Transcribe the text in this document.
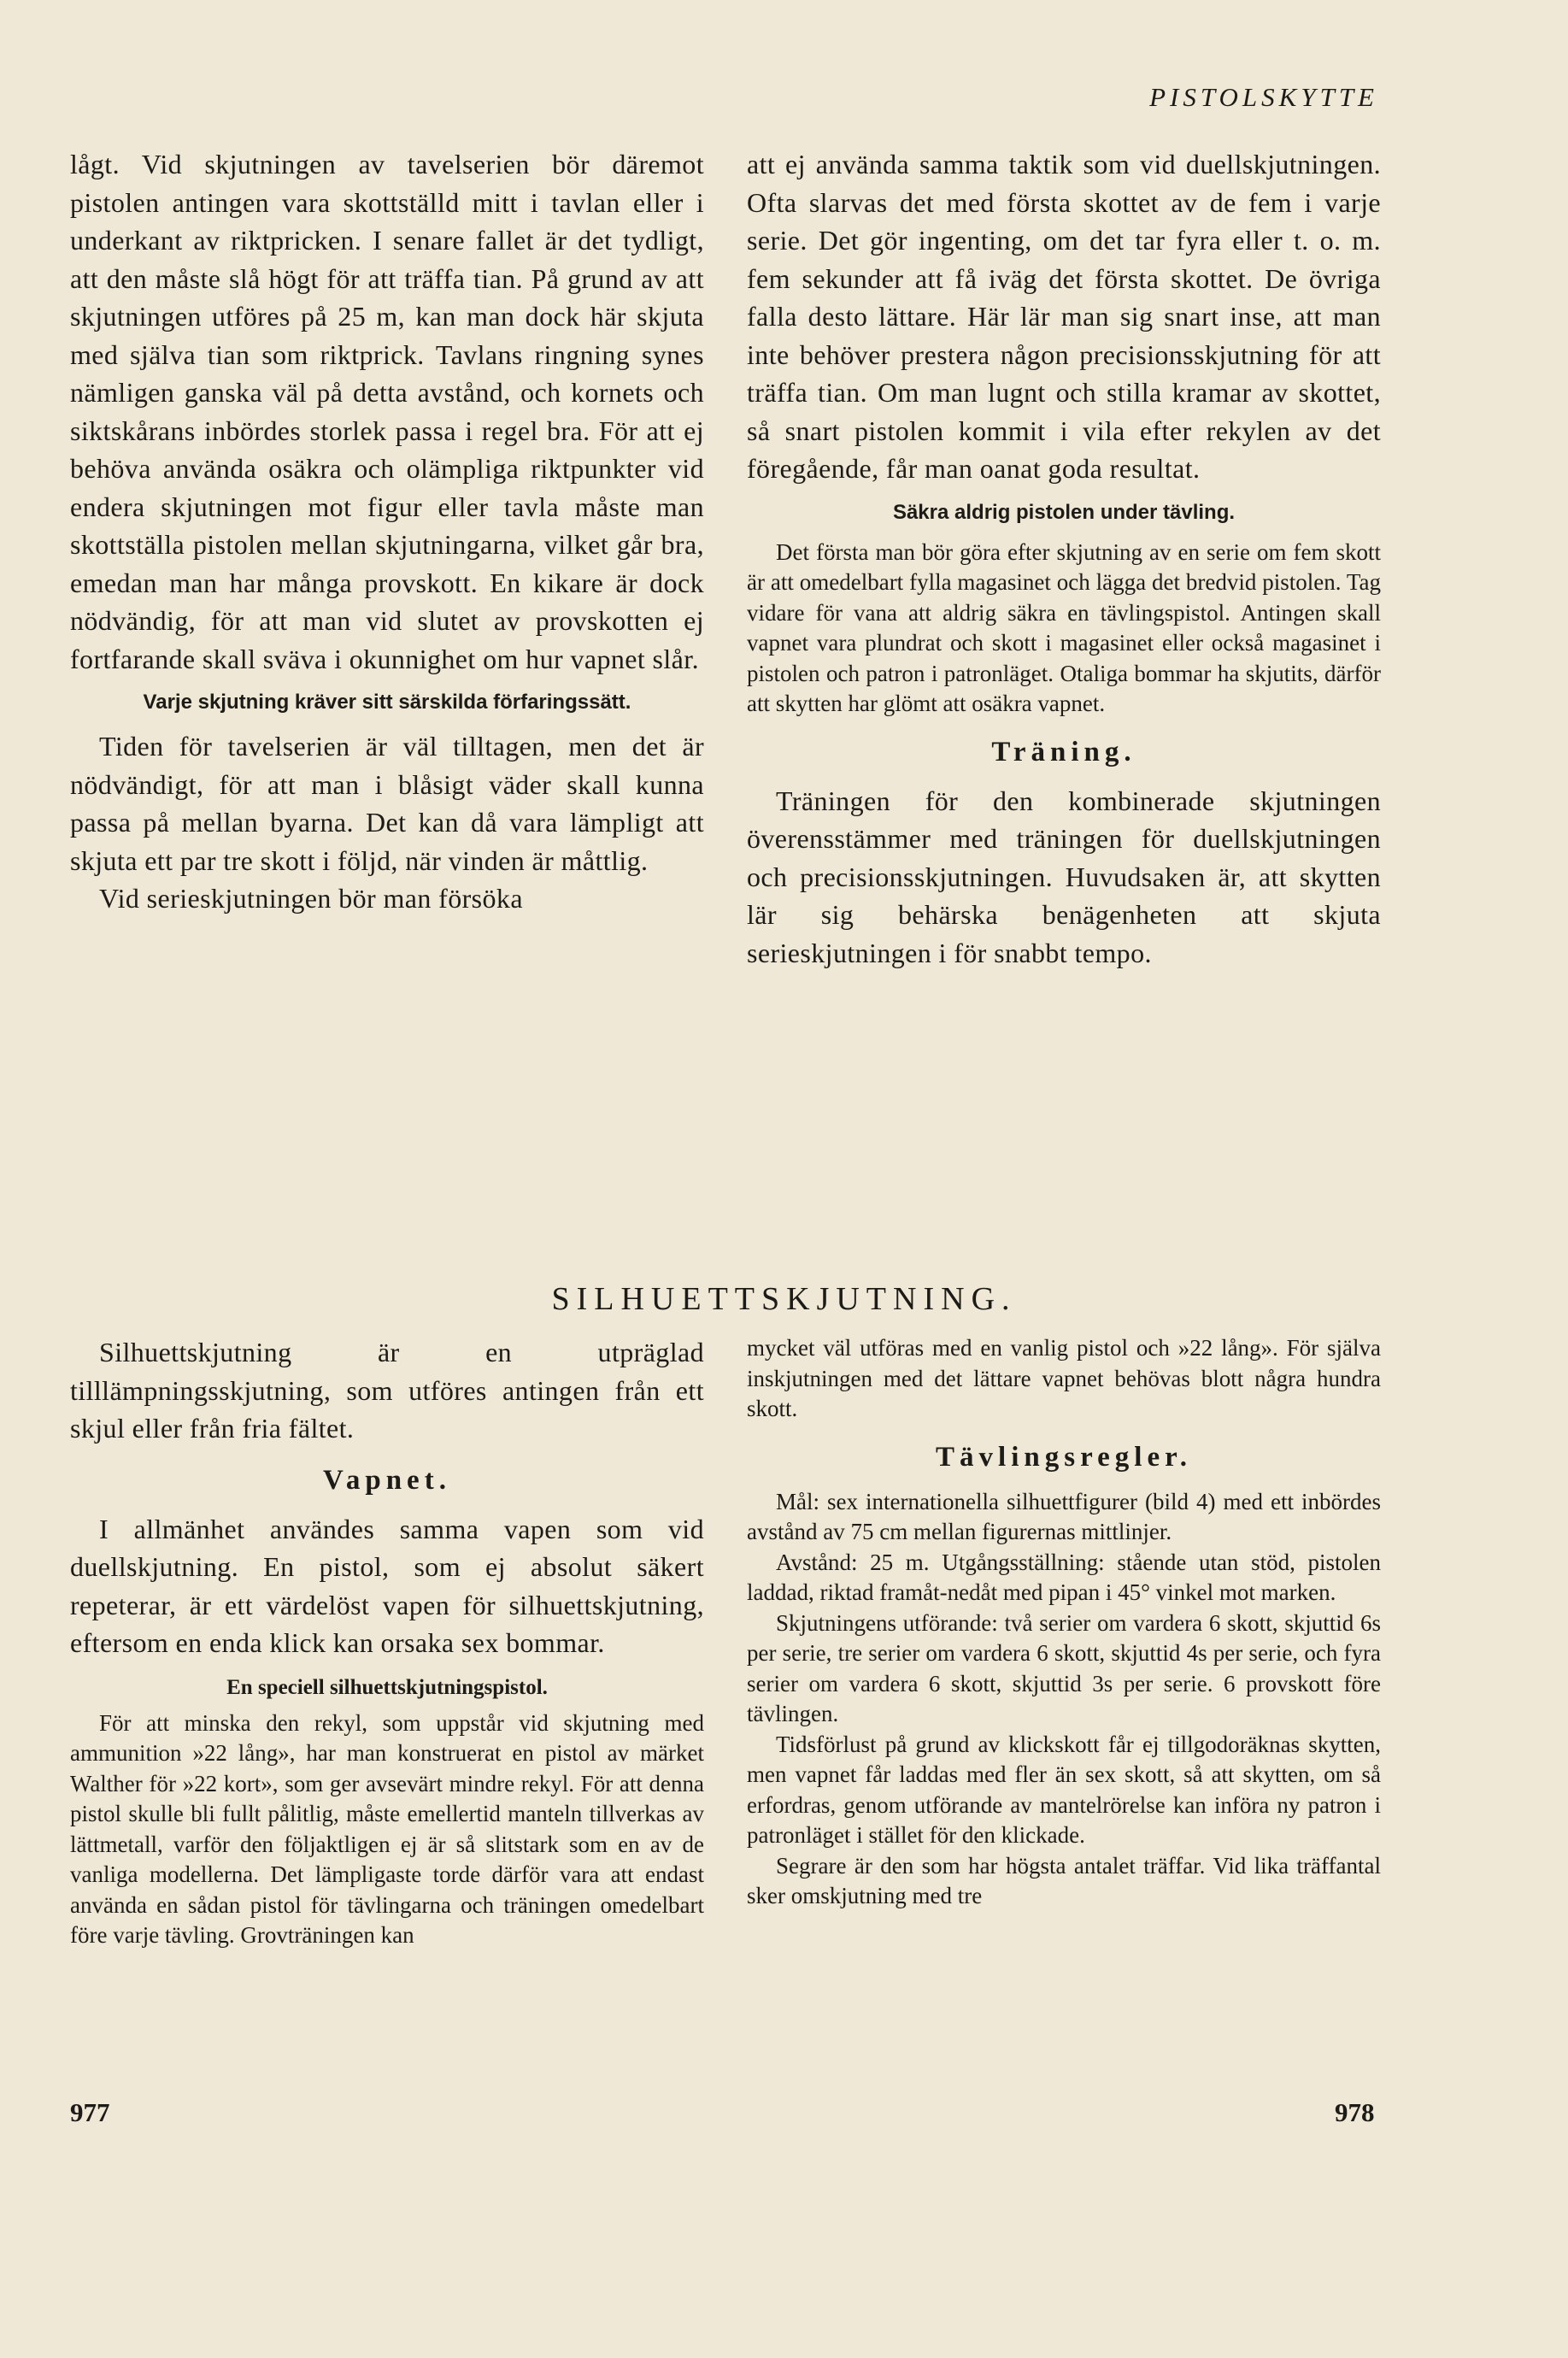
PISTOLSKYTTE

lågt. Vid skjutningen av tavelserien bör däremot pistolen antingen vara skottställd mitt i tavlan eller i underkant av riktpricken. I senare fallet är det tydligt, att den måste slå högt för att träffa tian. På grund av att skjutningen utföres på 25 m, kan man dock här skjuta med själva tian som riktprick. Tavlans ringning synes nämligen ganska väl på detta avstånd, och kornets och siktskårans inbördes storlek passa i regel bra. För att ej behöva använda osäkra och olämpliga riktpunkter vid endera skjutningen mot figur eller tavla måste man skottställa pistolen mellan skjutningarna, vilket går bra, emedan man har många provskott. En kikare är dock nödvändig, för att man vid slutet av provskotten ej fortfarande skall sväva i okunnighet om hur vapnet slår.

Varje skjutning kräver sitt särskilda förfaringssätt.

Tiden för tavelserien är väl tilltagen, men det är nödvändigt, för att man i blåsigt väder skall kunna passa på mellan byarna. Det kan då vara lämpligt att skjuta ett par tre skott i följd, när vinden är måttlig.

Vid serieskjutningen bör man försöka

att ej använda samma taktik som vid duellskjutningen. Ofta slarvas det med första skottet av de fem i varje serie. Det gör ingenting, om det tar fyra eller t. o. m. fem sekunder att få iväg det första skottet. De övriga falla desto lättare. Här lär man sig snart inse, att man inte behöver prestera någon precisionsskjutning för att träffa tian. Om man lugnt och stilla kramar av skottet, så snart pistolen kommit i vila efter rekylen av det föregående, får man oanat goda resultat.

Säkra aldrig pistolen under tävling.

Det första man bör göra efter skjutning av en serie om fem skott är att omedelbart fylla magasinet och lägga det bredvid pistolen. Tag vidare för vana att aldrig säkra en tävlingspistol. Antingen skall vapnet vara plundrat och skott i magasinet eller också magasinet i pistolen och patron i patronläget. Otaliga bommar ha skjutits, därför att skytten har glömt att osäkra vapnet.

Träning.

Träningen för den kombinerade skjutningen överensstämmer med träningen för duellskjutningen och precisionsskjutningen. Huvudsaken är, att skytten lär sig behärska benägenheten att skjuta serieskjutningen i för snabbt tempo.

SILHUETTSKJUTNING.

Silhuettskjutning är en utpräglad tilllämpningsskjutning, som utföres antingen från ett skjul eller från fria fältet.

Vapnet.

I allmänhet användes samma vapen som vid duellskjutning. En pistol, som ej absolut säkert repeterar, är ett värdelöst vapen för silhuettskjutning, eftersom en enda klick kan orsaka sex bommar.

En speciell silhuettskjutningspistol.

För att minska den rekyl, som uppstår vid skjutning med ammunition »22 lång», har man konstruerat en pistol av märket Walther för »22 kort», som ger avsevärt mindre rekyl. För att denna pistol skulle bli fullt pålitlig, måste emellertid manteln tillverkas av lättmetall, varför den följaktligen ej är så slitstark som en av de vanliga modellerna. Det lämpligaste torde därför vara att endast använda en sådan pistol för tävlingarna och träningen omedelbart före varje tävling. Grovträningen kan

mycket väl utföras med en vanlig pistol och »22 lång». För själva inskjutningen med det lättare vapnet behövas blott några hundra skott.

Tävlingsregler.

Mål: sex internationella silhuettfigurer (bild 4) med ett inbördes avstånd av 75 cm mellan figurernas mittlinjer.

Avstånd: 25 m. Utgångsställning: stående utan stöd, pistolen laddad, riktad framåt-nedåt med pipan i 45° vinkel mot marken.

Skjutningens utförande: två serier om vardera 6 skott, skjuttid 6s per serie, tre serier om vardera 6 skott, skjuttid 4s per serie, och fyra serier om vardera 6 skott, skjuttid 3s per serie. 6 provskott före tävlingen.

Tidsförlust på grund av klickskott får ej tillgodoräknas skytten, men vapnet får laddas med fler än sex skott, så att skytten, om så erfordras, genom utförande av mantelrörelse kan införa ny patron i patronläget i stället för den klickade.

Segrare är den som har högsta antalet träffar. Vid lika träffantal sker omskjutning med tre

977	978
